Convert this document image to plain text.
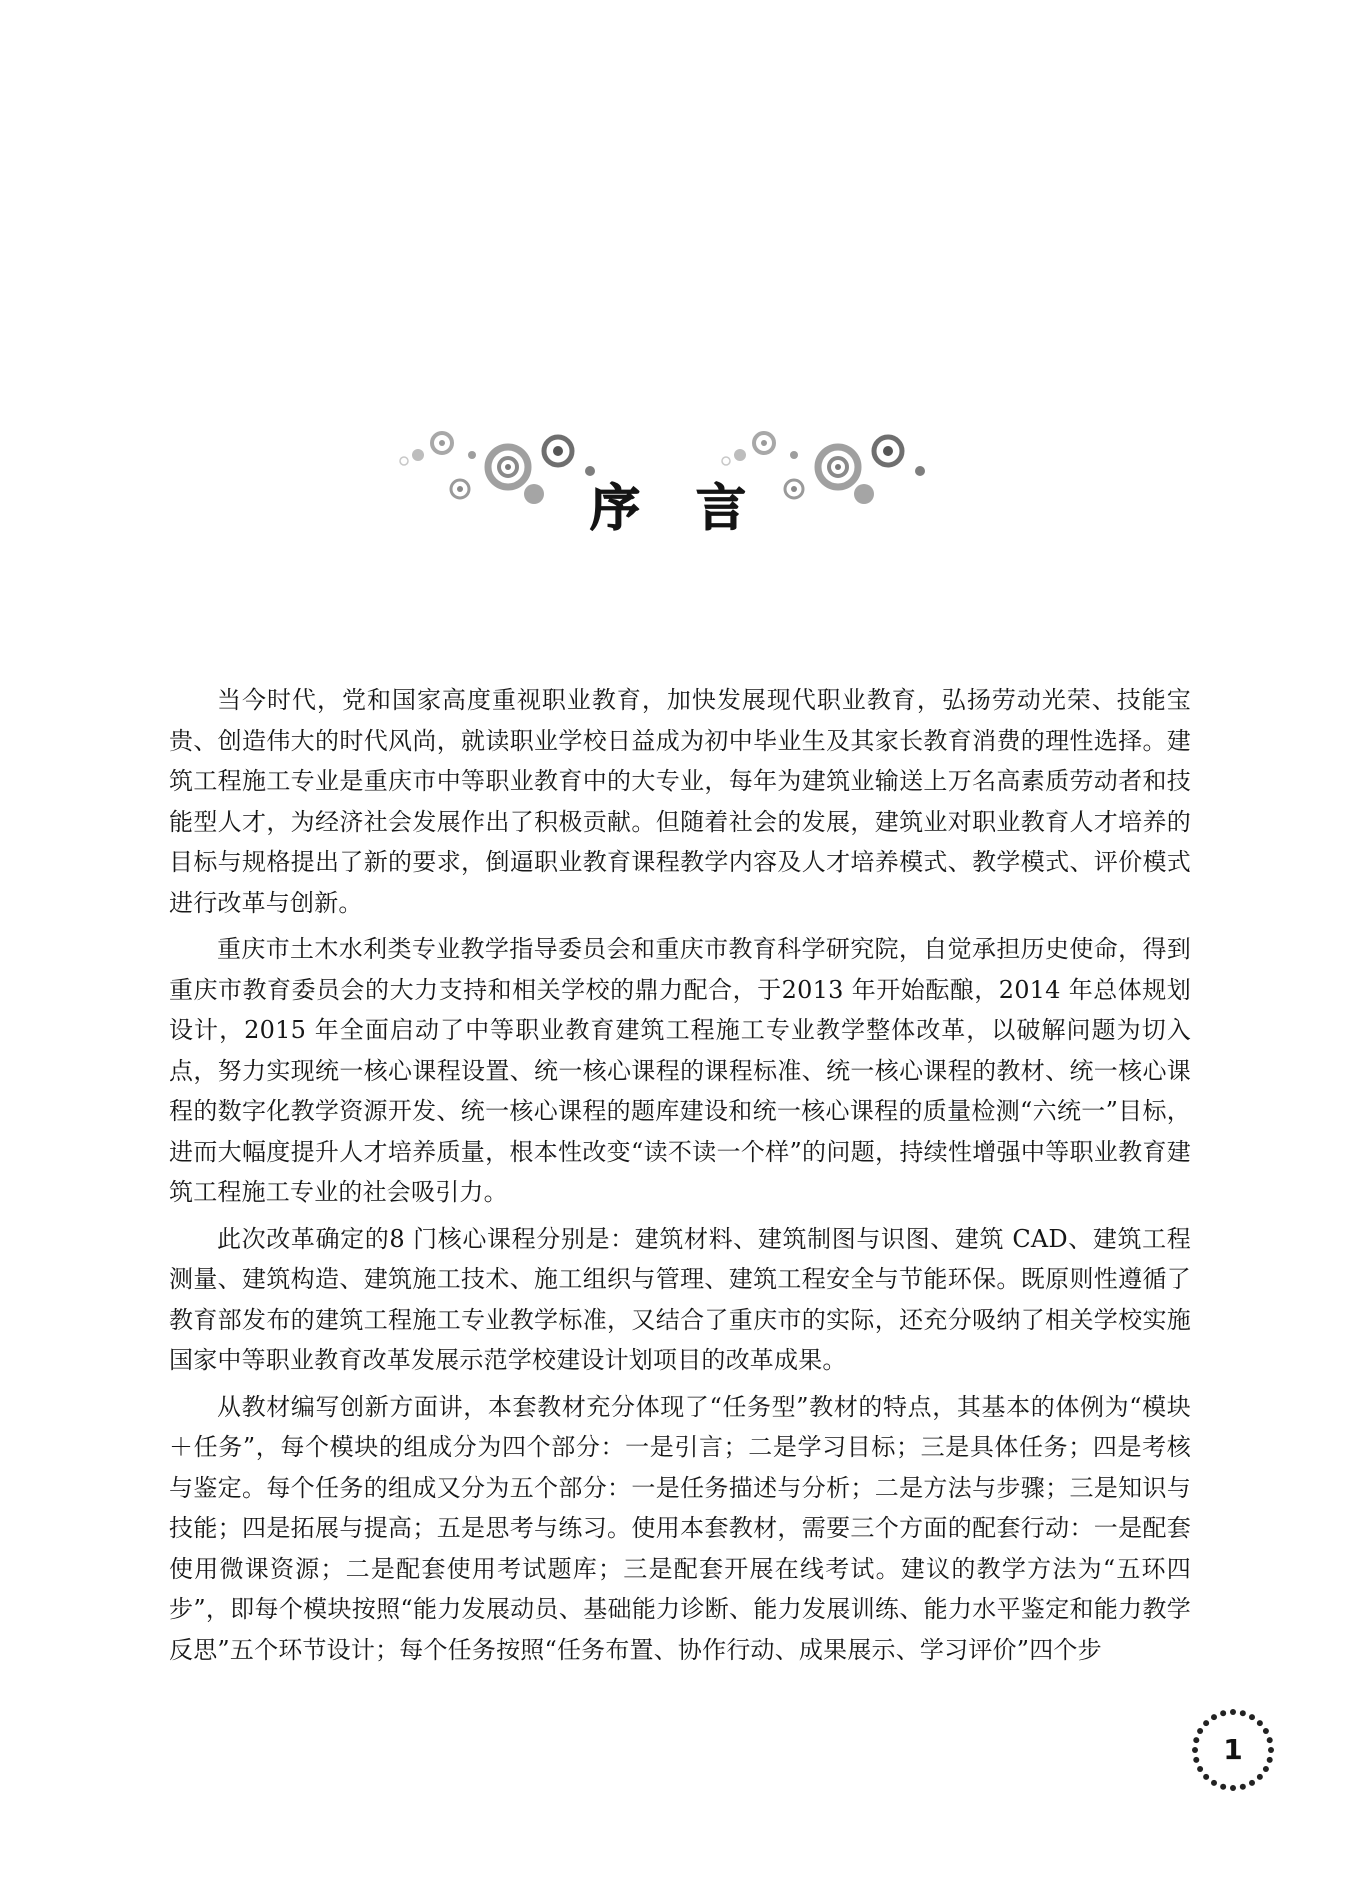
序言

当今时代，党和国家高度重视职业教育，加快发展现代职业教育，弘扬劳动光荣、技能宝贵、创造伟大的时代风尚，就读职业学校日益成为初中毕业生及其家长教育消费的理性选择。建筑工程施工专业是重庆市中等职业教育中的大专业，每年为建筑业输送上万名高素质劳动者和技能型人才，为经济社会发展作出了积极贡献。但随着社会的发展，建筑业对职业教育人才培养的目标与规格提出了新的要求，倒逼职业教育课程教学内容及人才培养模式、教学模式、评价模式进行改革与创新。

重庆市土木水利类专业教学指导委员会和重庆市教育科学研究院，自觉承担历史使命，得到重庆市教育委员会的大力支持和相关学校的鼎力配合，于2013 年开始酝酿，2014 年总体规划设计，2015 年全面启动了中等职业教育建筑工程施工专业教学整体改革，以破解问题为切入点，努力实现统一核心课程设置、统一核心课程的课程标准、统一核心课程的教材、统一核心课程的数字化教学资源开发、统一核心课程的题库建设和统一核心课程的质量检测“六统一”目标，进而大幅度提升人才培养质量，根本性改变“读不读一个样”的问题，持续性增强中等职业教育建筑工程施工专业的社会吸引力。

此次改革确定的8 门核心课程分别是：建筑材料、建筑制图与识图、建筑 CAD、建筑工程测量、建筑构造、建筑施工技术、施工组织与管理、建筑工程安全与节能环保。既原则性遵循了教育部发布的建筑工程施工专业教学标准，又结合了重庆市的实际，还充分吸纳了相关学校实施国家中等职业教育改革发展示范学校建设计划项目的改革成果。

从教材编写创新方面讲，本套教材充分体现了“任务型”教材的特点，其基本的体例为“模块＋任务”，每个模块的组成分为四个部分：一是引言；二是学习目标；三是具体任务；四是考核与鉴定。每个任务的组成又分为五个部分：一是任务描述与分析；二是方法与步骤；三是知识与技能；四是拓展与提高；五是思考与练习。使用本套教材，需要三个方面的配套行动：一是配套使用微课资源；二是配套使用考试题库；三是配套开展在线考试。建议的教学方法为“五环四步”，即每个模块按照“能力发展动员、基础能力诊断、能力发展训练、能力水平鉴定和能力教学反思”五个环节设计；每个任务按照“任务布置、协作行动、成果展示、学习评价”四个步

1
